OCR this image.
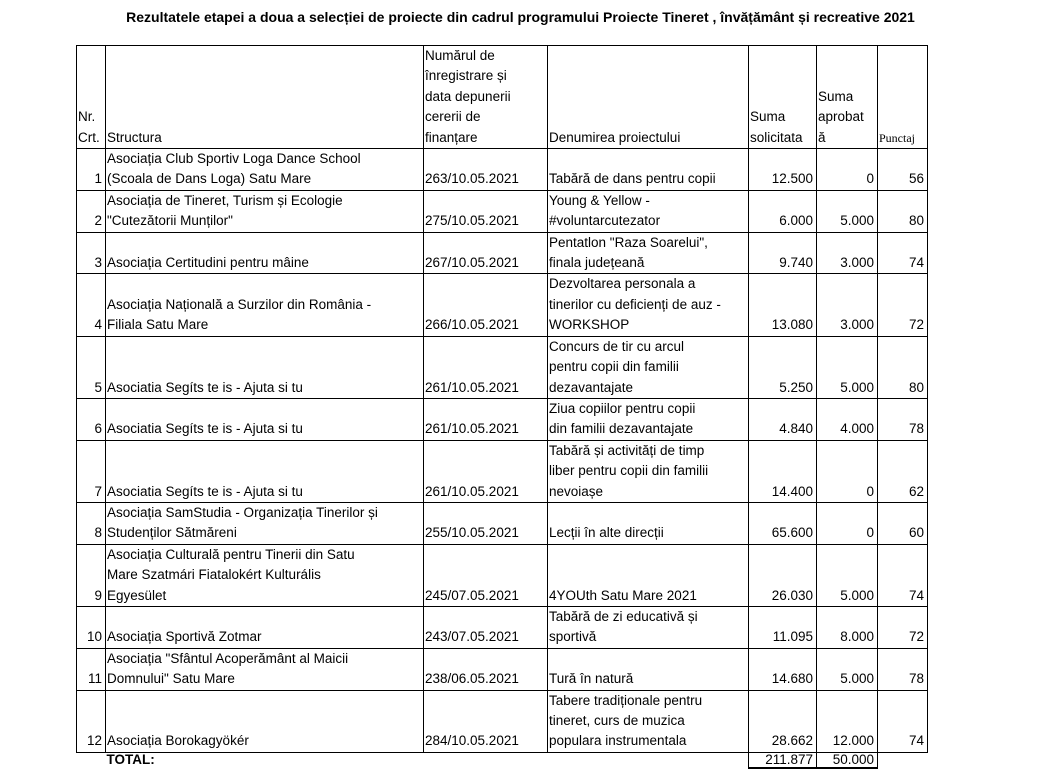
Rezultatele etapei a doua a selecției de proiecte din cadrul programului Proiecte Tineret , învățământ și recreative 2021
Nr.
Crt.	Structura	Numărul de
înregistrare și
data depunerii
cererii de
finanțare	Denumirea proiectului	Suma
solicitata	Suma
aprobat
ă	Punctaj
1	Asociația Club Sportiv Loga Dance School
(Scoala de Dans Loga) Satu Mare	263/10.05.2021	Tabără de dans pentru copii	12.500	0	56
2	Asociația de Tineret, Turism și Ecologie
"Cutezătorii Munților"	275/10.05.2021	Young & Yellow -
#voluntarcutezator	6.000	5.000	80
3	Asociația Certitudini pentru mâine	267/10.05.2021	Pentatlon "Raza Soarelui",
finala județeană	9.740	3.000	74
4	Asociația Națională a Surzilor din România -
Filiala Satu Mare	266/10.05.2021	Dezvoltarea personala a
tinerilor cu deficienți de auz -
WORKSHOP	13.080	3.000	72
5	Asociatia Segíts te is - Ajuta si tu	261/10.05.2021	Concurs de tir cu arcul
pentru copii din familii
dezavantajate	5.250	5.000	80
6	Asociatia Segíts te is - Ajuta si tu	261/10.05.2021	Ziua copiilor pentru copii
din familii dezavantajate	4.840	4.000	78
7	Asociatia Segíts te is - Ajuta si tu	261/10.05.2021	Tabără și activități de timp
liber pentru copii din familii
nevoiașe	14.400	0	62
8	Asociația SamStudia - Organizația Tinerilor și
Studenților Sătmăreni	255/10.05.2021	Lecții în alte direcții	65.600	0	60
9	Asociația Culturală pentru Tinerii din Satu
Mare Szatmári Fiatalokért Kulturális
Egyesület	245/07.05.2021	4YOUth Satu Mare 2021	26.030	5.000	74
10	Asociația Sportivă Zotmar	243/07.05.2021	Tabără de zi educativă și
sportivă	11.095	8.000	72
11	Asociația "Sfântul Acoperământ al Maicii
Domnului" Satu Mare	238/06.05.2021	Tură în natură	14.680	5.000	78
12	Asociația Borokagyökér	284/10.05.2021	Tabere tradiționale pentru
tineret, curs de muzica
populara instrumentala	28.662	12.000	74
	TOTAL:			211.877	50.000	
